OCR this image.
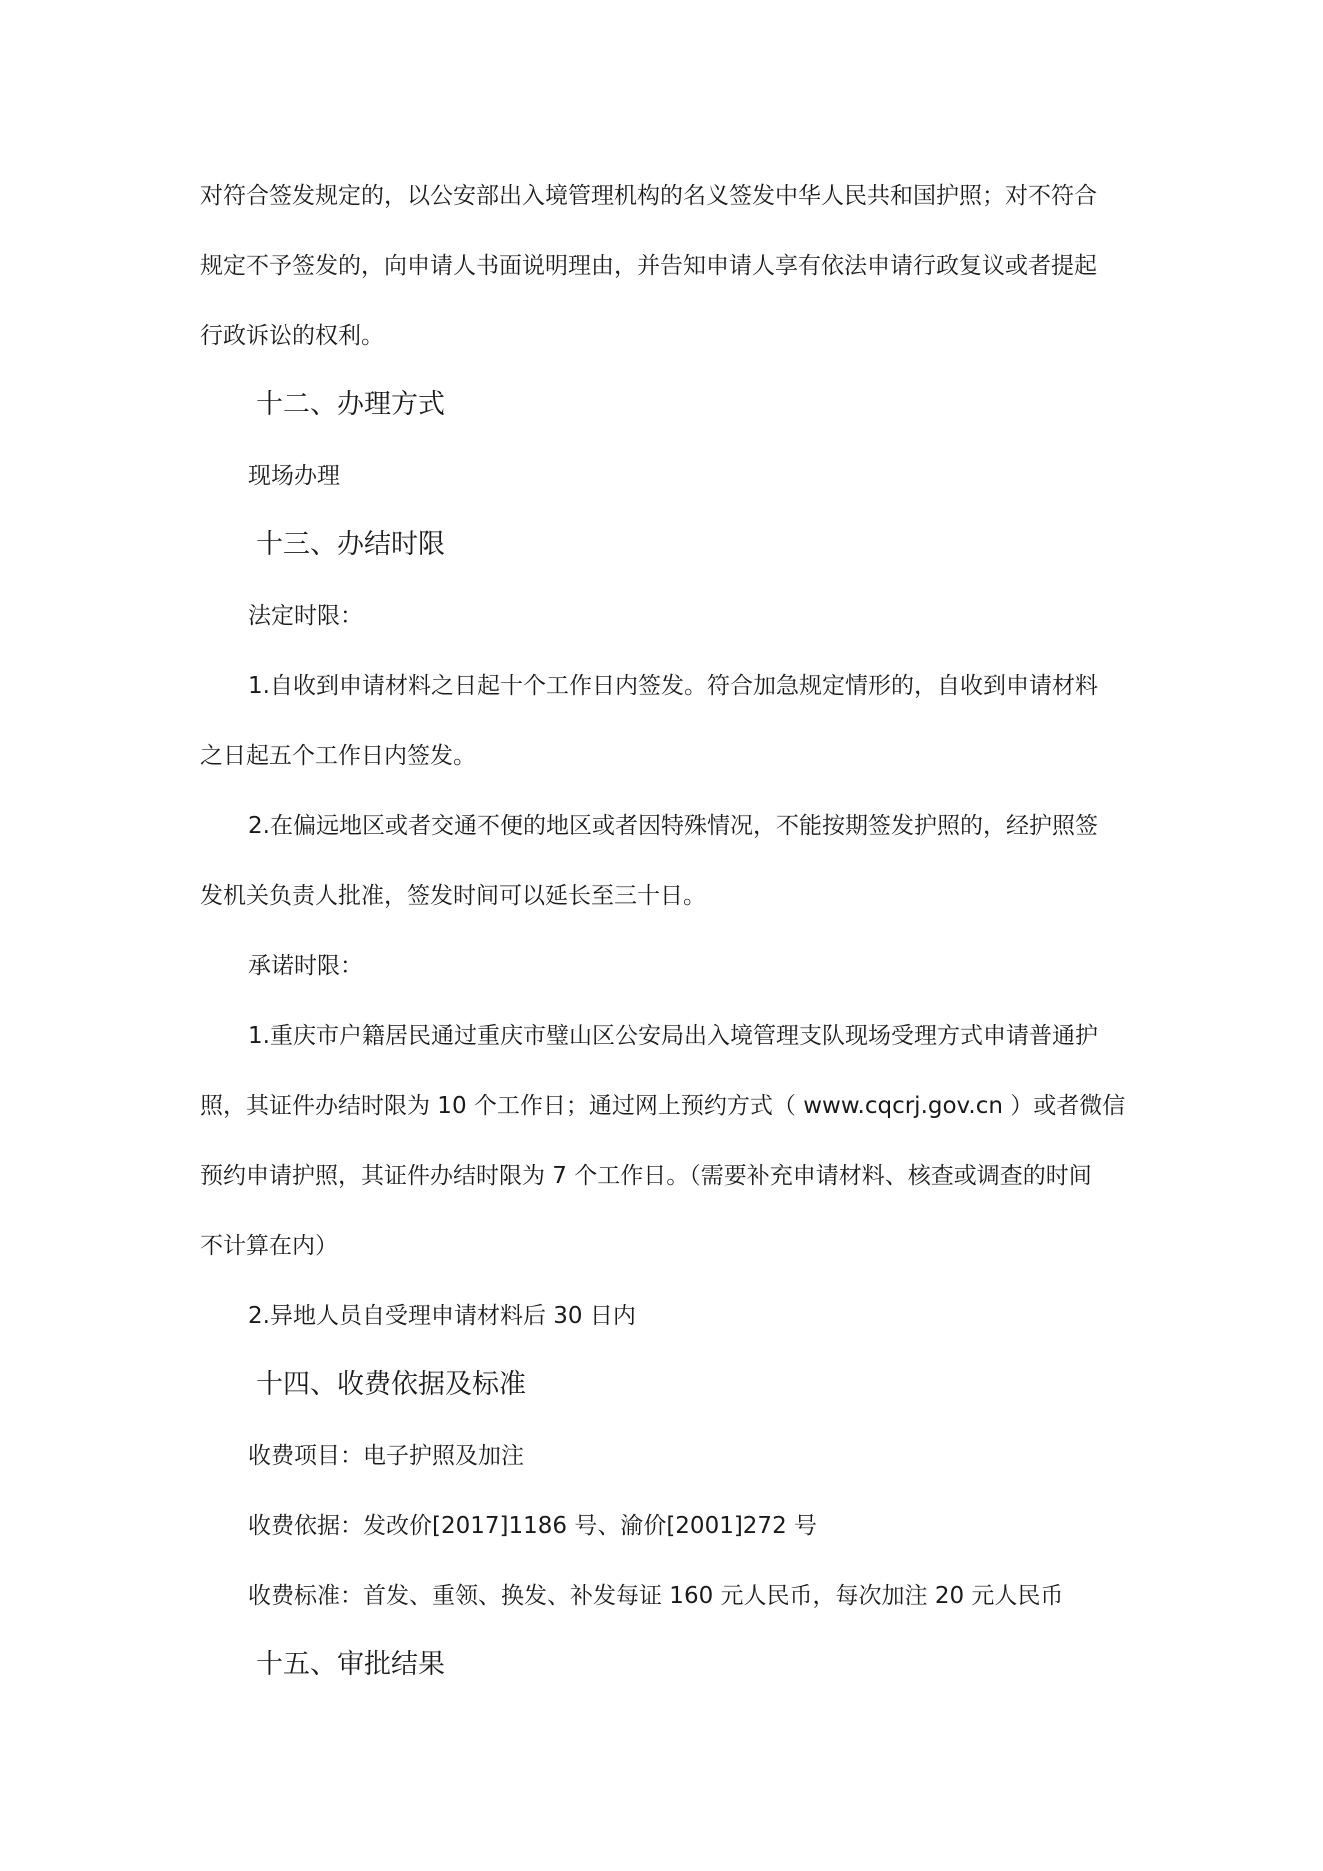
对符合签发规定的，以公安部出入境管理机构的名义签发中华人民共和国护照；对不符合
规定不予签发的，向申请人书面说明理由，并告知申请人享有依法申请行政复议或者提起
行政诉讼的权利。
十二、办理方式
现场办理
十三、办结时限
法定时限：
1.自收到申请材料之日起十个工作日内签发。符合加急规定情形的，自收到申请材料
之日起五个工作日内签发。
2.在偏远地区或者交通不便的地区或者因特殊情况，不能按期签发护照的，经护照签
发机关负责人批准，签发时间可以延长至三十日。
承诺时限：
1.重庆市户籍居民通过重庆市璧山区公安局出入境管理支队现场受理方式申请普通护
照，其证件办结时限为 10 个工作日；通过网上预约方式（ www.cqcrj.gov.cn ）或者微信
预约申请护照，其证件办结时限为 7 个工作日。（需要补充申请材料、核查或调查的时间
不计算在内）
2.异地人员自受理申请材料后 30 日内
十四、收费依据及标准
收费项目：电子护照及加注
收费依据：发改价[2017]1186 号、渝价[2001]272 号
收费标准：首发、重领、换发、补发每证 160 元人民币，每次加注 20 元人民币
十五、审批结果
